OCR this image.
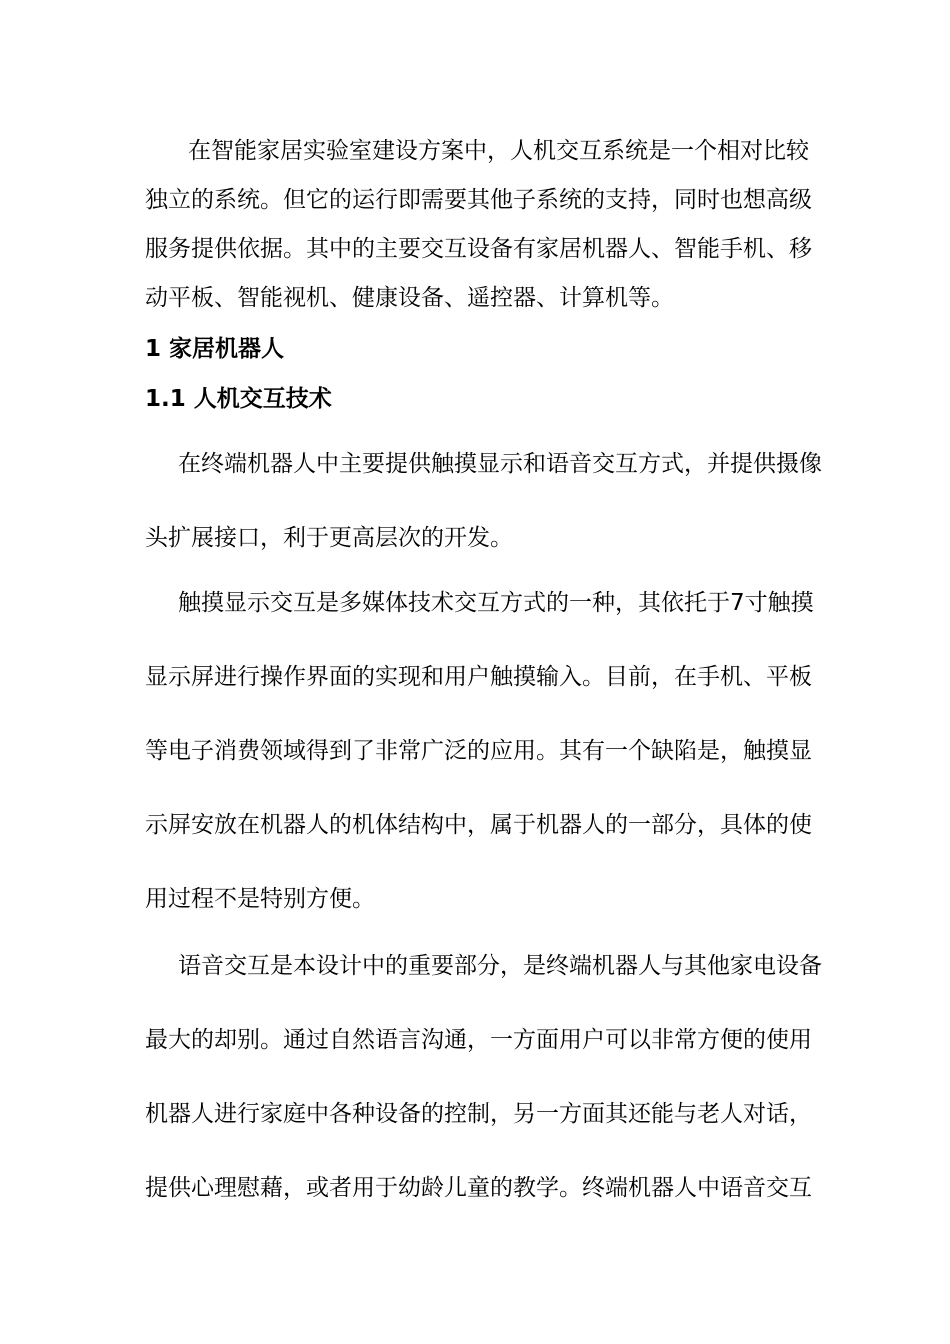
在智能家居实验室建设方案中，人机交互系统是一个相对比较
独立的系统。但它的运行即需要其他子系统的支持，同时也想高级
服务提供依据。其中的主要交互设备有家居机器人、智能手机、移
动平板、智能视机、健康设备、遥控器、计算机等。
1 家居机器人
1.1 人机交互技术
在终端机器人中主要提供触摸显示和语音交互方式，并提供摄像
头扩展接口，利于更高层次的开发。
触摸显示交互是多媒体技术交互方式的一种，其依托于7寸触摸
显示屏进行操作界面的实现和用户触摸输入。目前，在手机、平板
等电子消费领域得到了非常广泛的应用。其有一个缺陷是，触摸显
示屏安放在机器人的机体结构中，属于机器人的一部分，具体的使
用过程不是特别方便。
语音交互是本设计中的重要部分，是终端机器人与其他家电设备
最大的却别。通过自然语言沟通，一方面用户可以非常方便的使用
机器人进行家庭中各种设备的控制，另一方面其还能与老人对话，
提供心理慰藉，或者用于幼龄儿童的教学。终端机器人中语音交互
